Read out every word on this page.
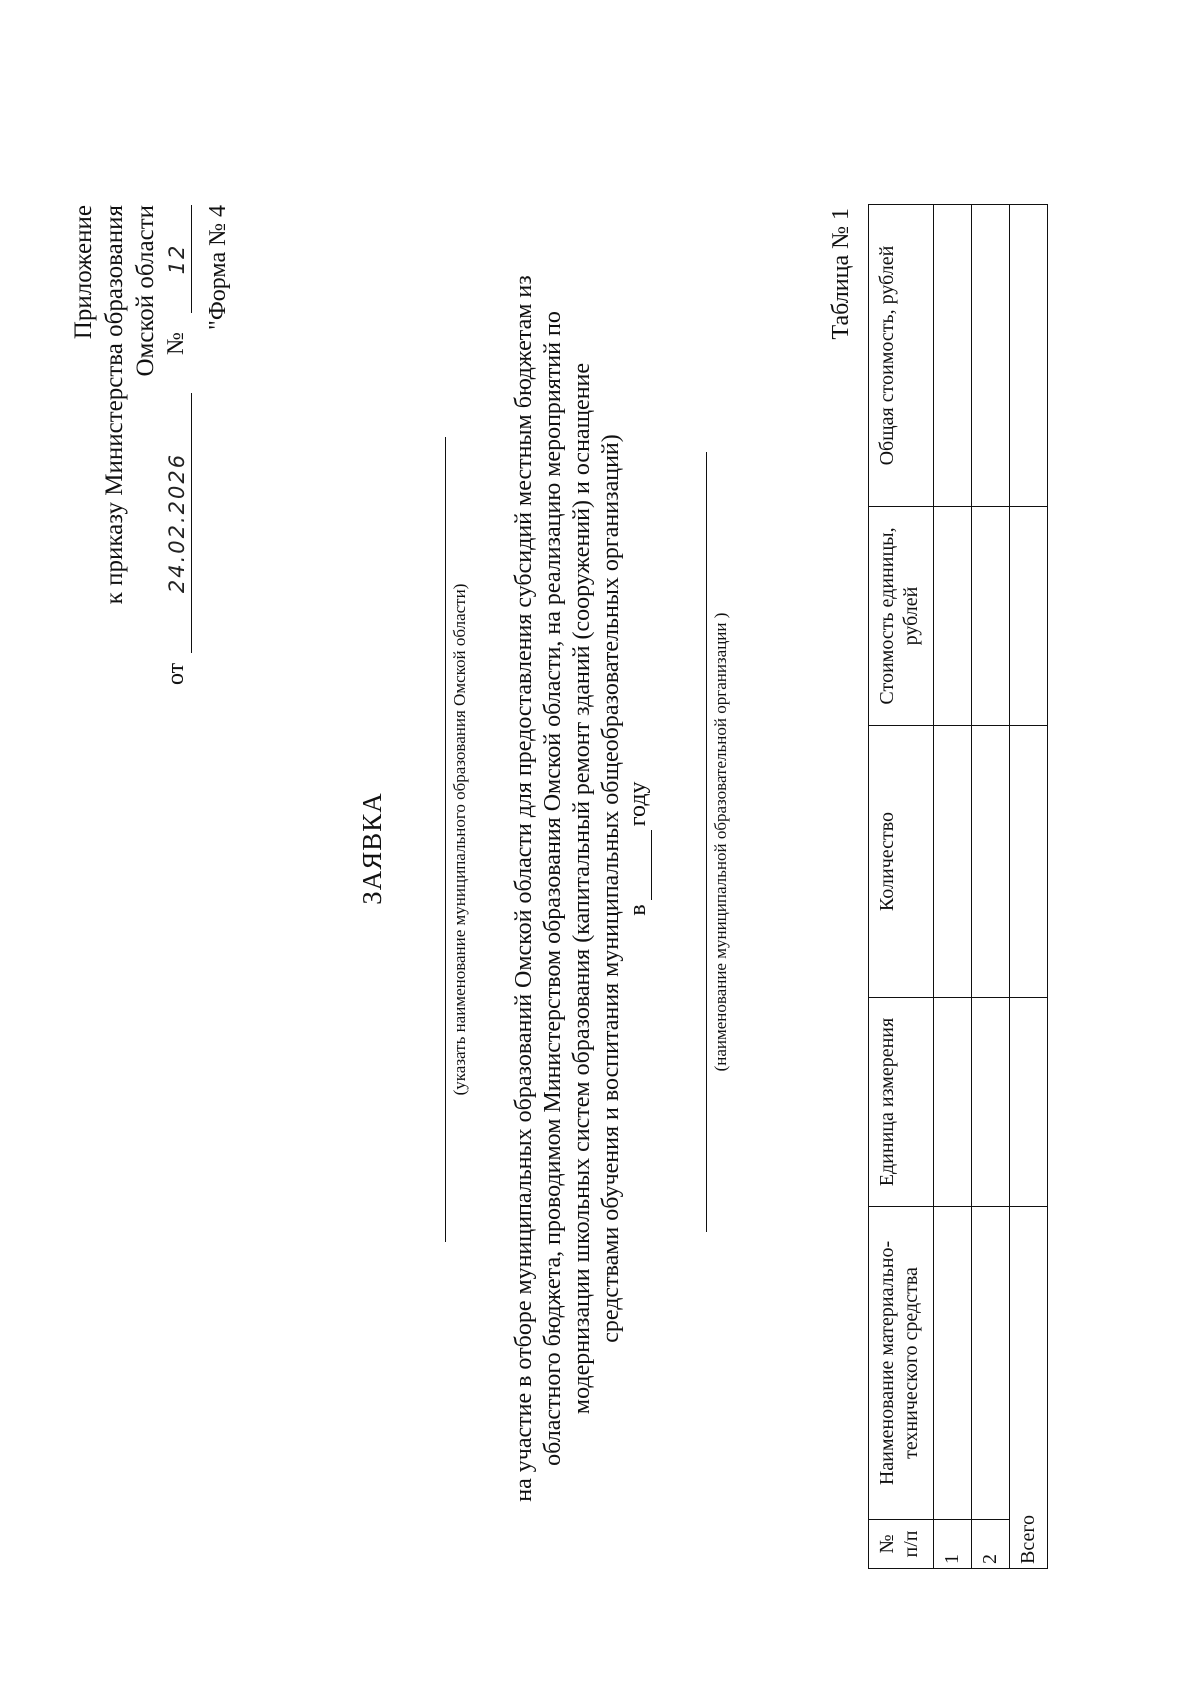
Приложение к приказу Министерства образования Омской области
от
24.02.2026
№
12 "Форма № 4
ЗАЯВКА	(указать наименование муниципального образования Омской области) на участие в отборе муниципальных образований Омской области для предоставления субсидий местным бюджетам из областного бюджета, проводимом Министерством образования Омской области, на реализацию мероприятий по модернизации школьных систем образования (капитальный ремонт зданий (сооружений) и оснащение средствами обучения и воспитания муниципальных общеобразовательных организаций) вгоду	(наименование муниципальной образовательной организации )
Таблица № 1
№ п/п	Наименование материально-технического средства	Единица измерения	Количество	Стоимость единицы, рублей	Общая стоимость, рублей
1					
2					
Всего					
